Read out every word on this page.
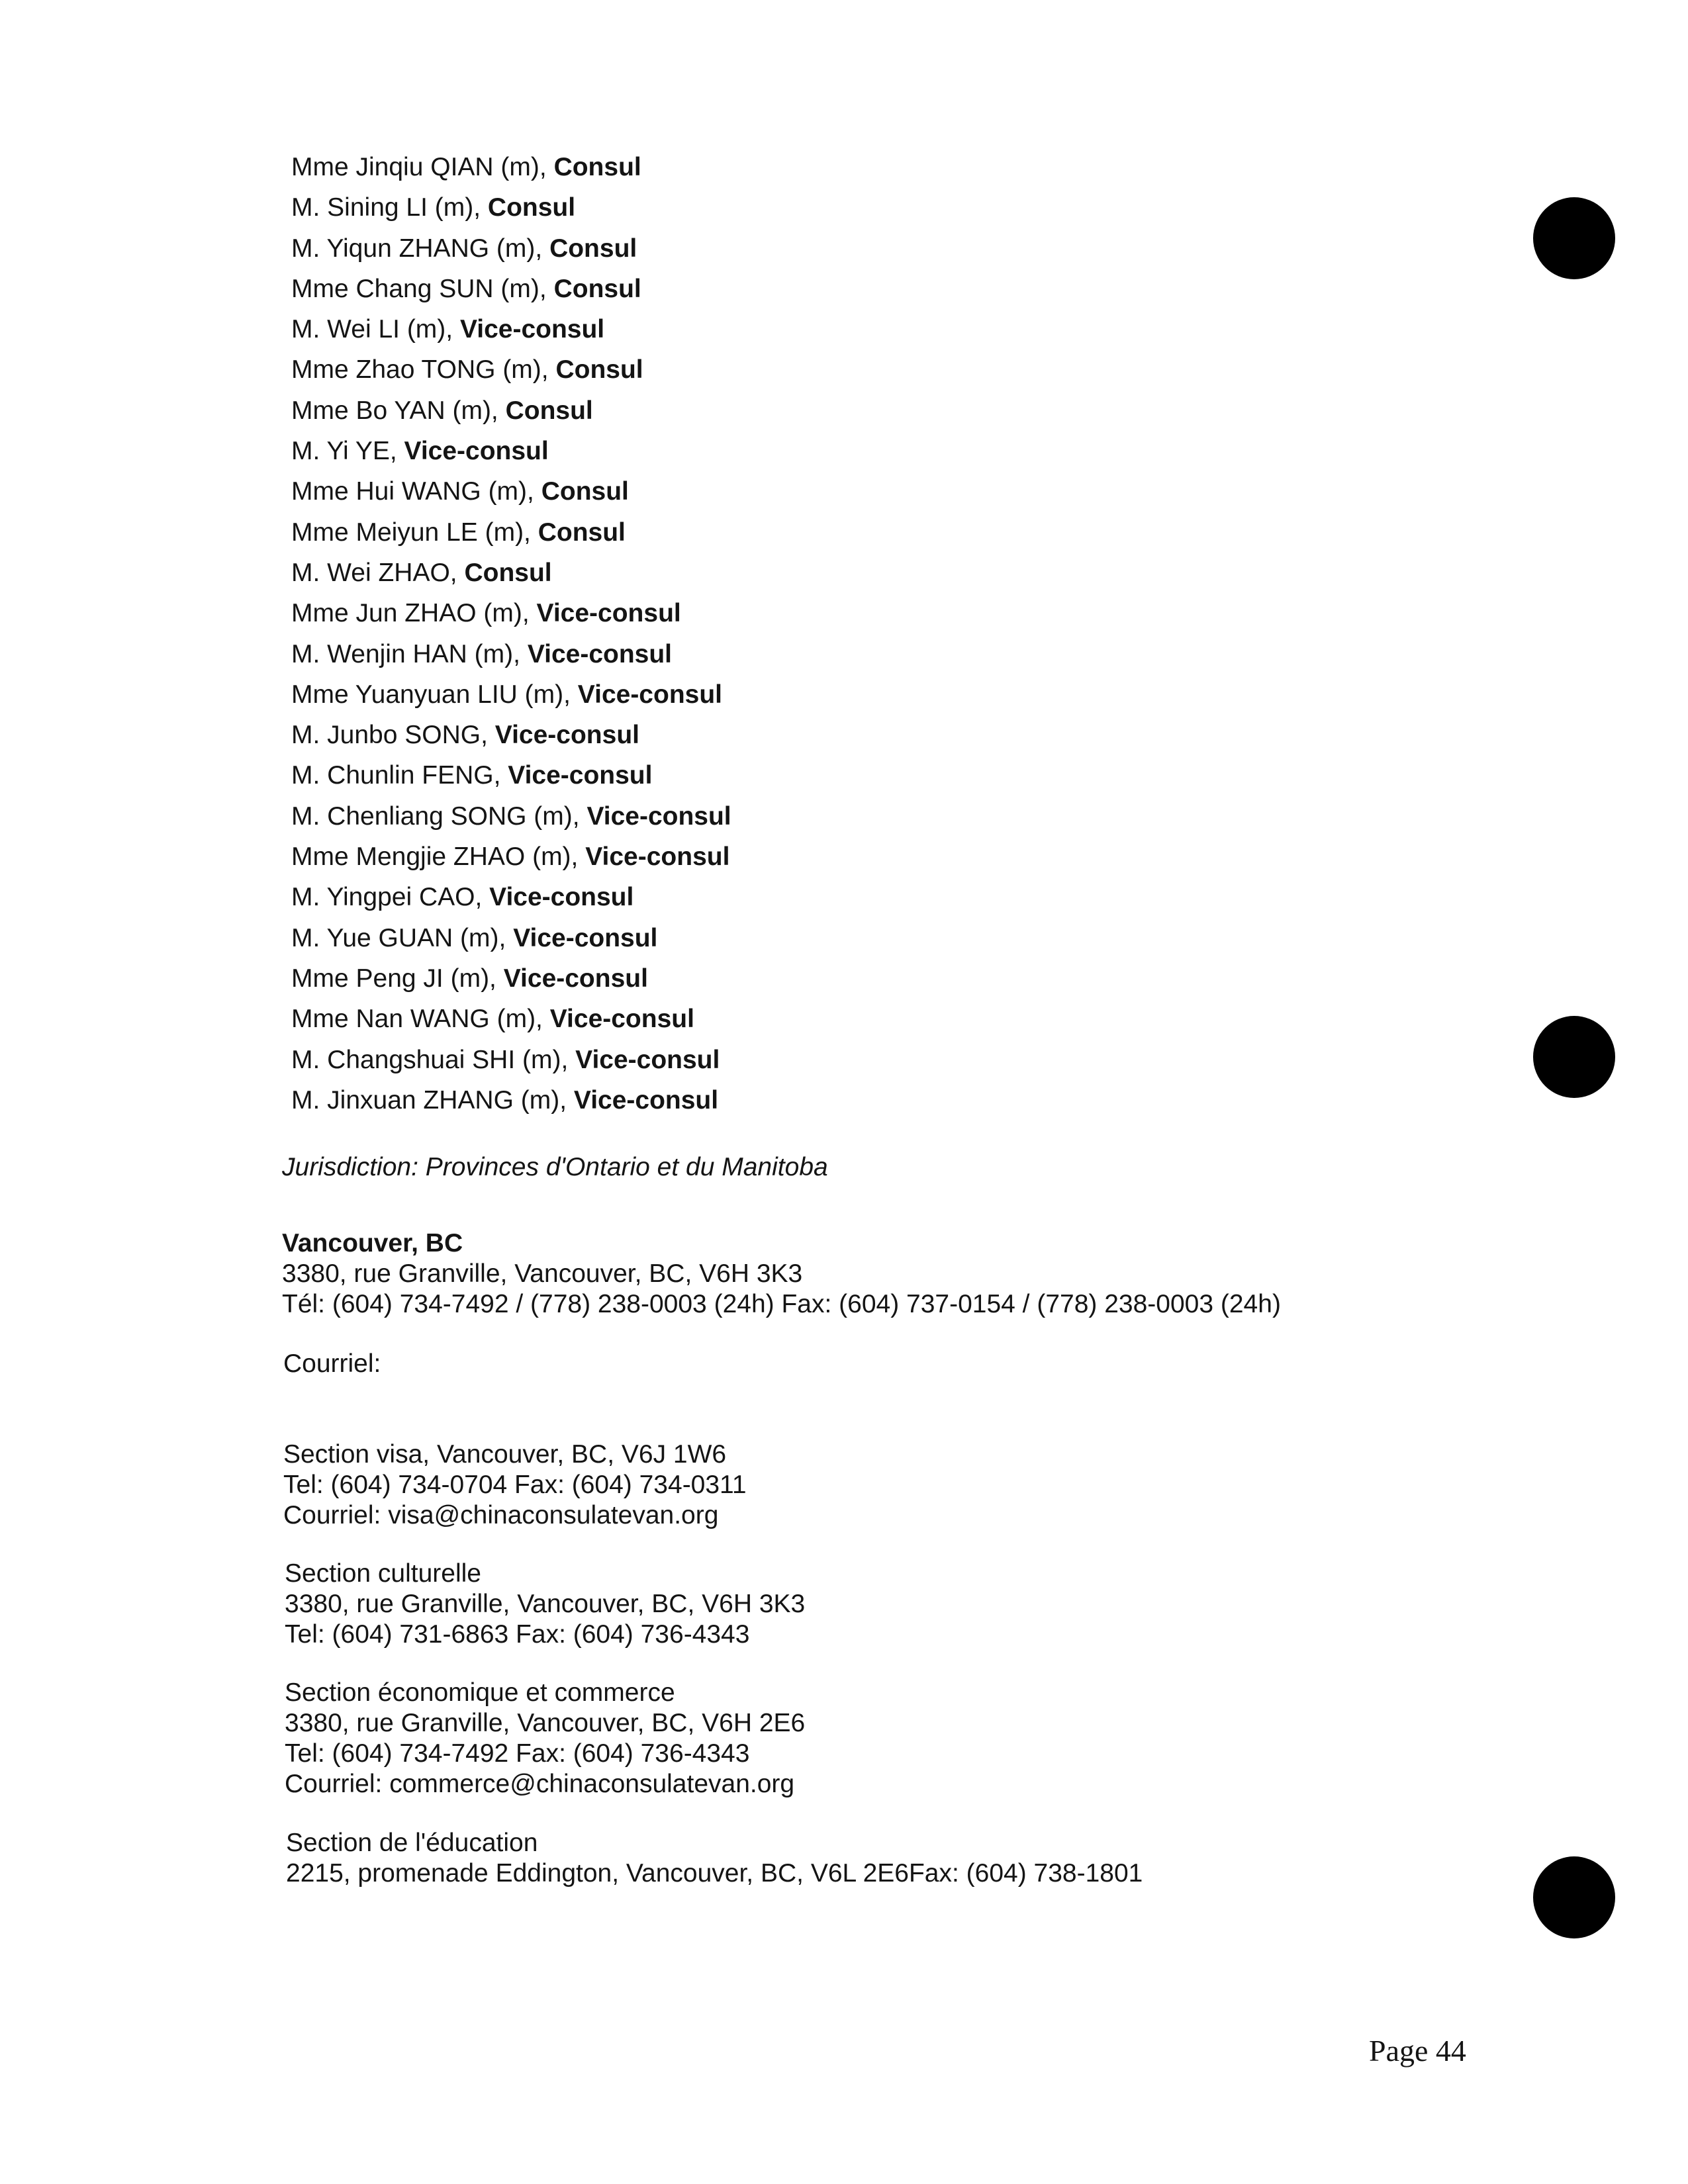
Mme Jinqiu QIAN (m), Consul
M. Sining LI (m), Consul
M. Yiqun ZHANG (m), Consul
Mme Chang SUN (m), Consul
M. Wei LI (m), Vice-consul
Mme Zhao TONG (m), Consul
Mme Bo YAN (m), Consul
M. Yi YE, Vice-consul
Mme Hui WANG (m), Consul
Mme Meiyun LE (m), Consul
M. Wei ZHAO, Consul
Mme Jun ZHAO (m), Vice-consul
M. Wenjin HAN (m), Vice-consul
Mme Yuanyuan LIU (m), Vice-consul
M. Junbo SONG, Vice-consul
M. Chunlin FENG, Vice-consul
M. Chenliang SONG (m), Vice-consul
Mme Mengjie ZHAO (m), Vice-consul
M. Yingpei CAO, Vice-consul
M. Yue GUAN (m), Vice-consul
Mme Peng JI (m), Vice-consul
Mme Nan WANG (m), Vice-consul
M. Changshuai SHI (m), Vice-consul
M. Jinxuan ZHANG (m), Vice-consul
Jurisdiction: Provinces d'Ontario et du Manitoba
Vancouver, BC
3380, rue Granville, Vancouver, BC, V6H 3K3
Tél: (604) 734-7492 / (778) 238-0003 (24h) Fax: (604) 737-0154 / (778) 238-0003 (24h)
Courriel:
Section visa, Vancouver, BC, V6J 1W6
Tel: (604) 734-0704 Fax: (604) 734-0311
Courriel: visa@chinaconsulatevan.org
Section culturelle
3380, rue Granville, Vancouver, BC, V6H 3K3
Tel: (604) 731-6863 Fax: (604) 736-4343
Section économique et commerce
3380, rue Granville, Vancouver, BC, V6H 2E6
Tel: (604) 734-7492 Fax: (604) 736-4343
Courriel: commerce@chinaconsulatevan.org
Section de l'éducation
2215, promenade Eddington, Vancouver, BC, V6L 2E6Fax: (604) 738-1801
Page 44
